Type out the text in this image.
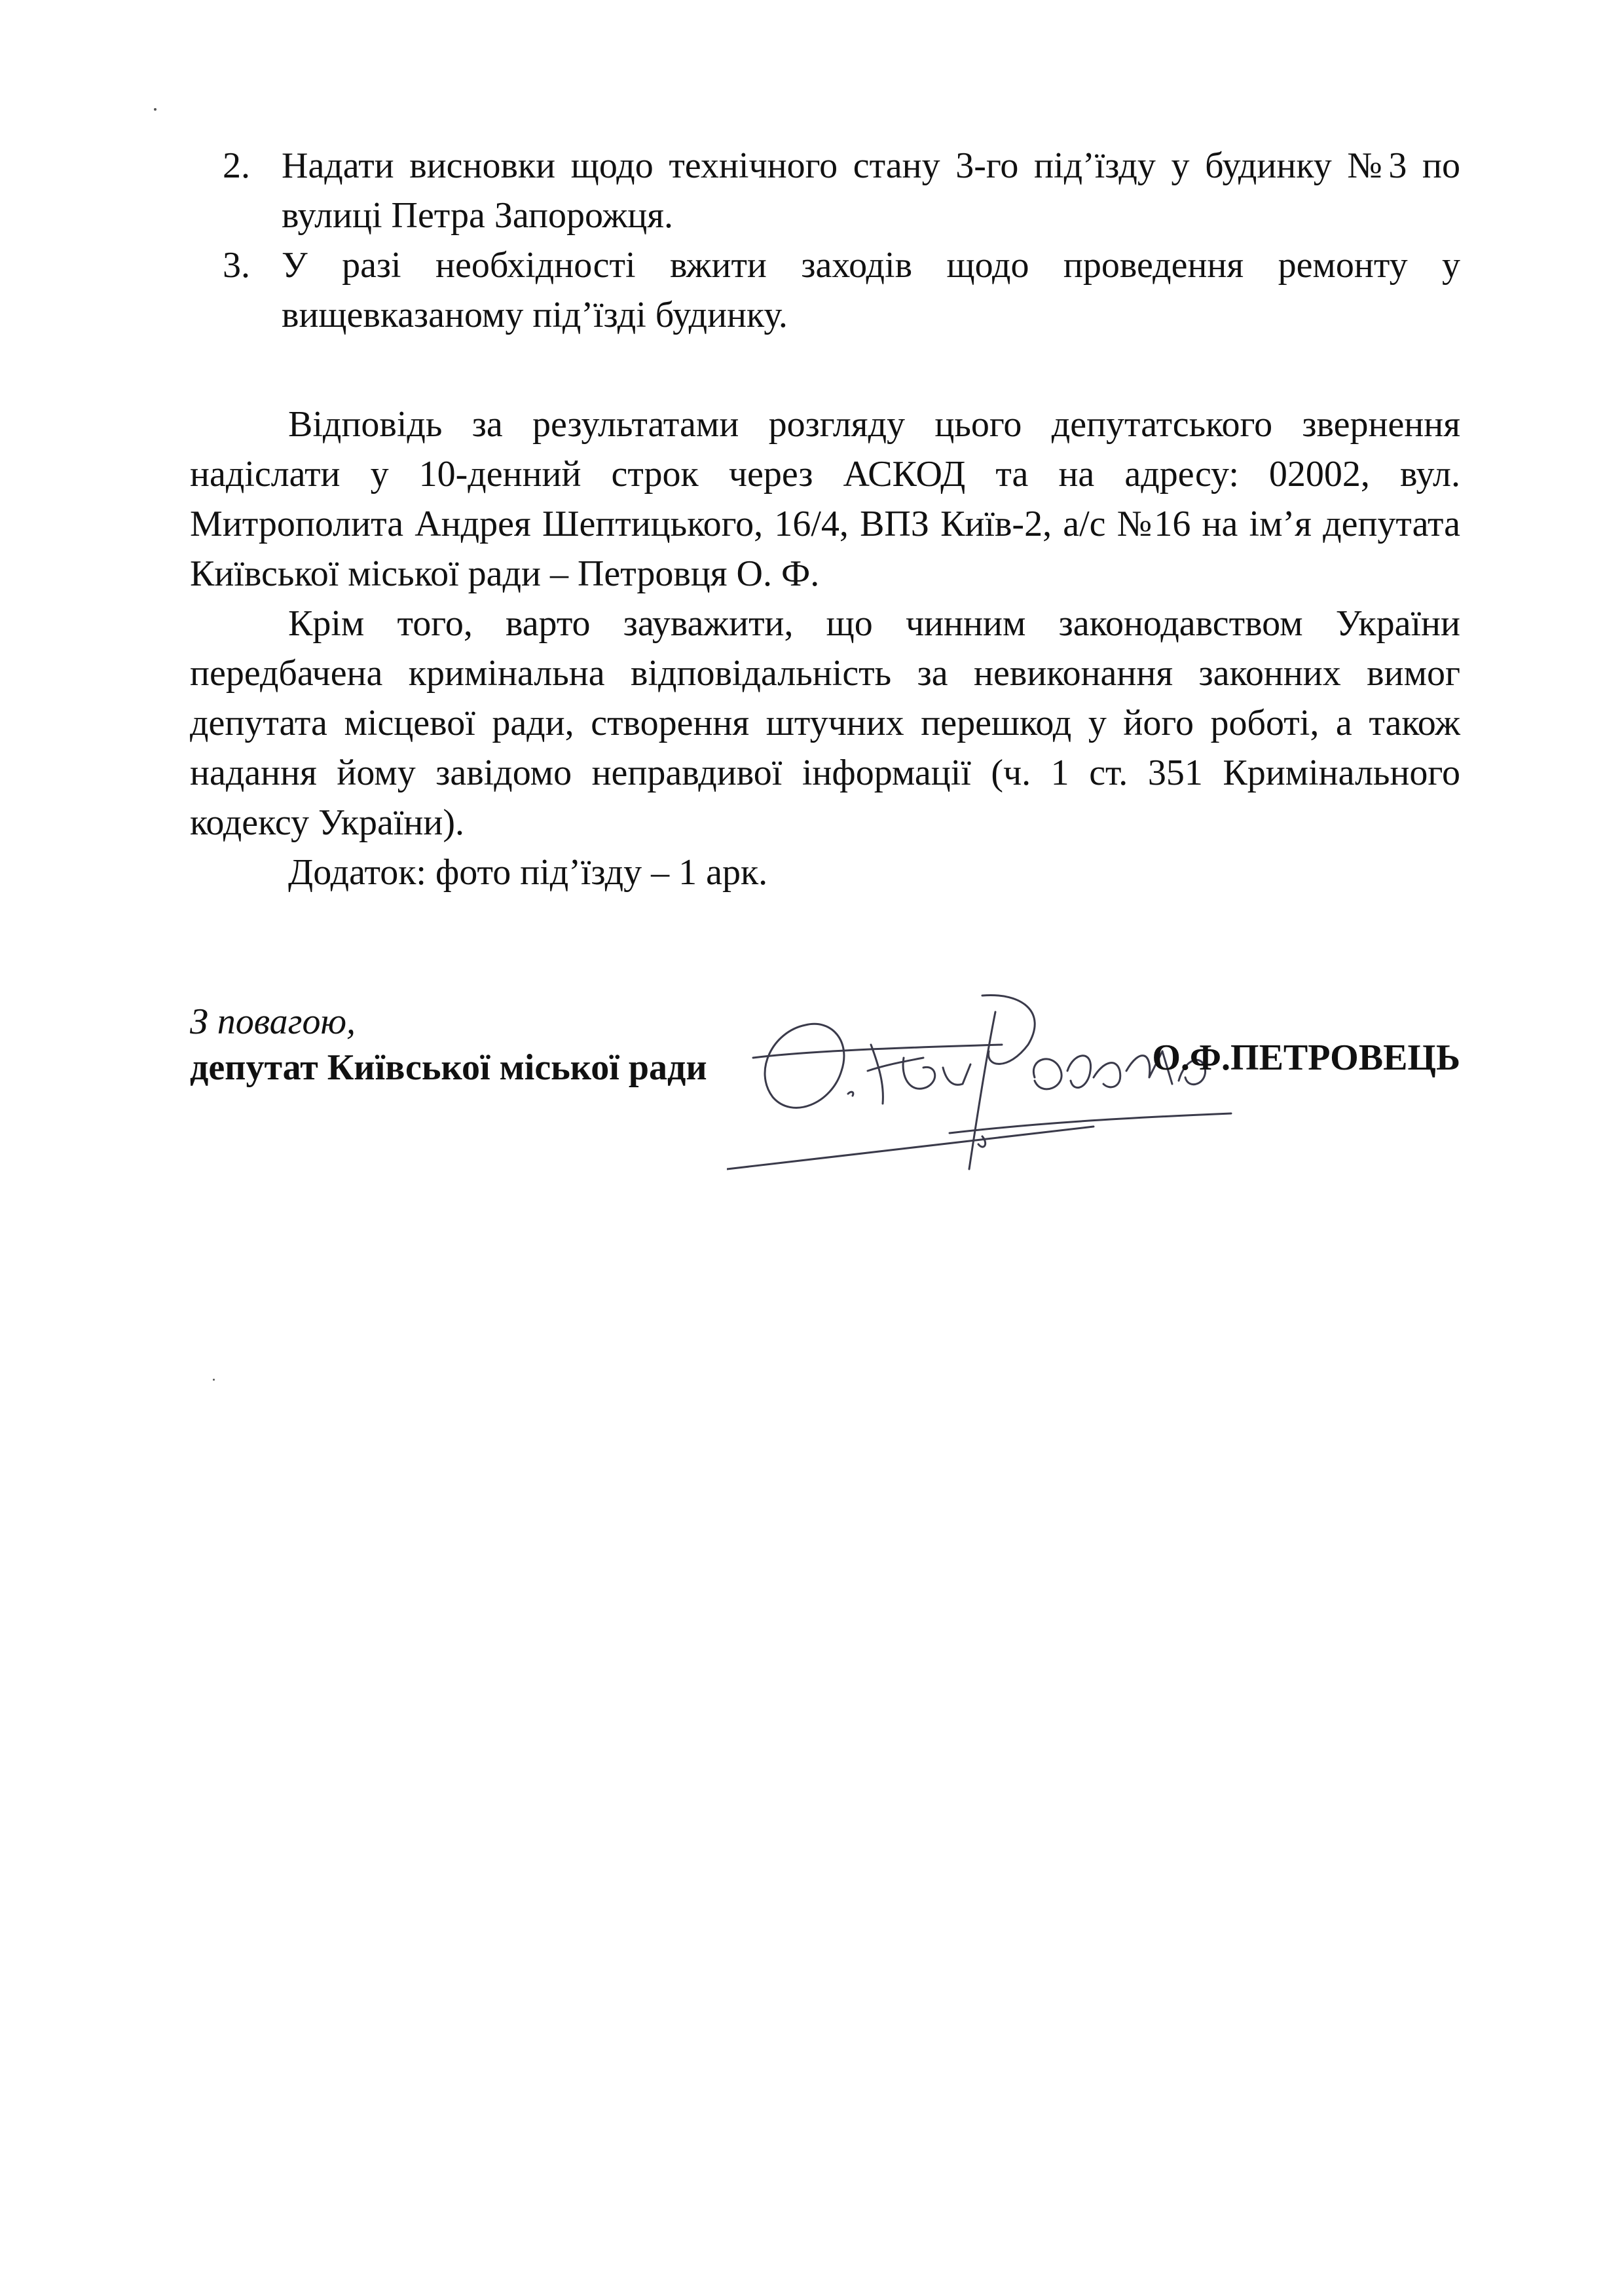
2. Надати висновки щодо технічного стану 3-го під’їзду у будинку №3 по вулиці Петра Запорожця.
3. У разі необхідності вжити заходів щодо проведення ремонту у вищевказаному під’їзді будинку.

Відповідь за результатами розгляду цього депутатського звернення надіслати у 10-денний строк через АСКОД та на адресу: 02002, вул. Митрополита Андрея Шептицького, 16/4, ВПЗ Київ-2, а/с №16 на ім’я депутата Київської міської ради – Петровця О. Ф.

Крім того, варто зауважити, що чинним законодавством України передбачена кримінальна відповідальність за невиконання законних вимог депутата місцевої ради, створення штучних перешкод у його роботі, а також надання йому завідомо неправдивої інформації (ч. 1 ст. 351 Кримінального кодексу України).

Додаток: фото під’їзду – 1 арк.

З повагою,
депутат Київської міської ради	О.Ф.ПЕТРОВЕЦЬ
